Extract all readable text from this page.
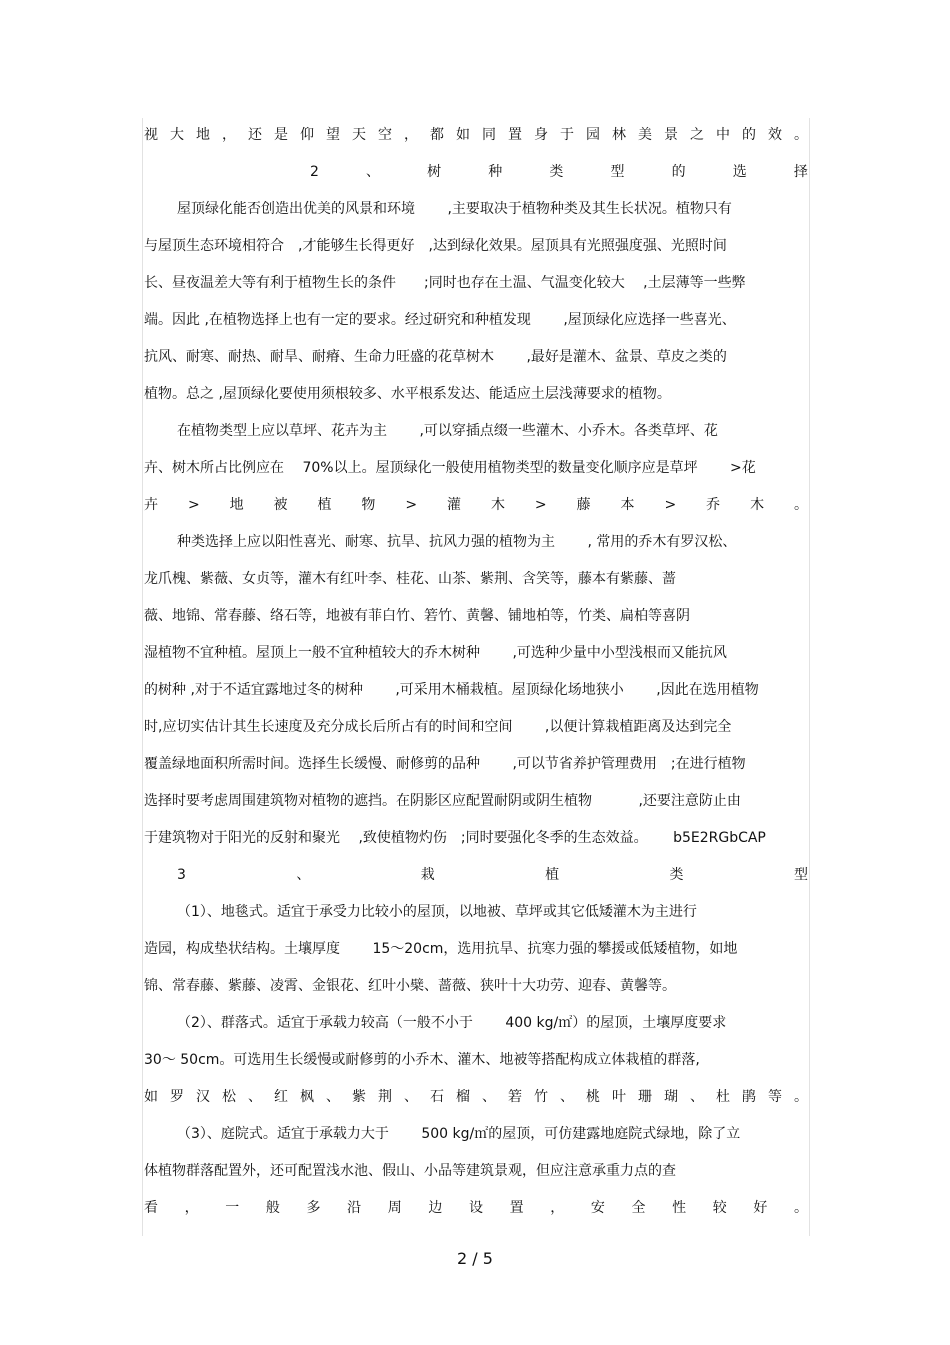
视 大 地 ， 还 是 仰 望 天 空 ， 都 如 同 置 身 于 园 林 美 景 之 中 的 效 。
2	、	树	种	类	型	的	选	择
屋顶绿化能否创造出优美的风景和环境　　 ,主要取决于植物种类及其生长状况。植物只有
与屋顶生态环境相符合　,才能够生长得更好　,达到绿化效果。屋顶具有光照强度强、光照时间
长、昼夜温差大等有利于植物生长的条件　　;同时也存在土温、气温变化较大　 ,土层薄等一些弊
端。因此 ,在植物选择上也有一定的要求。经过研究和种植发现　　 ,屋顶绿化应选择一些喜光、
抗风、耐寒、耐热、耐旱、耐瘠、生命力旺盛的花草树木　　 ,最好是灌木、盆景、草皮之类的
植物。总之 ,屋顶绿化要使用须根较多、水平根系发达、能适应土层浅薄要求的植物。
在植物类型上应以草坪、花卉为主　　 ,可以穿插点缀一些灌木、小乔木。各类草坪、花
卉、树木所占比例应在　 70%以上。屋顶绿化一般使用植物类型的数量变化顺序应是草坪　　 >花
卉 > 地 被 植 物 > 灌 木 > 藤 本 > 乔 木 。
种类选择上应以阳性喜光、耐寒、抗旱、抗风力强的植物为主　　 , 常用的乔木有罗汉松、
龙爪槐、紫薇、女贞等，灌木有红叶李、桂花、山茶、紫荆、含笑等，藤本有紫藤、蔷
薇、地锦、常春藤、络石等，地被有菲白竹、箬竹、黄馨、铺地柏等，竹类、扁柏等喜阴
湿植物不宜种植。屋顶上一般不宜种植较大的乔木树种　　 ,可选种少量中小型浅根而又能抗风
的树种 ,对于不适宜露地过冬的树种　　 ,可采用木桶栽植。屋顶绿化场地狭小　　 ,因此在选用植物
时,应切实估计其生长速度及充分成长后所占有的时间和空间　　 ,以便计算栽植距离及达到完全
覆盖绿地面积所需时间。选择生长缓慢、耐修剪的品种　　 ,可以节省养护管理费用　;在进行植物
选择时要考虑周围建筑物对植物的遮挡。在阴影区应配置耐阴或阴生植物　　　 ,还要注意防止由
于建筑物对于阳光的反射和聚光　 ,致使植物灼伤　;同时要强化冬季的生态效益。　　 b5E2RGbCAP
3	、	栽	植	类	型
（1）、地毯式。适宜于承受力比较小的屋顶，以地被、草坪或其它低矮灌木为主进行
造园，构成垫状结构。土壤厚度　　 15～20cm，选用抗旱、抗寒力强的攀援或低矮植物，如地
锦、常春藤、紫藤、凌霄、金银花、红叶小檗、蔷薇、狭叶十大功劳、迎春、黄馨等。
（2）、群落式。适宜于承载力较高（一般不小于　　 400 kg/㎡）的屋顶，土壤厚度要求
30～ 50cm。可选用生长缓慢或耐修剪的小乔木、灌木、地被等搭配构成立体栽植的群落,
如 罗 汉 松 、 红 枫 、 紫 荆 、 石 榴 、 箬 竹 、 桃 叶 珊 瑚 、 杜 鹃 等 。
（3）、庭院式。适宜于承载力大于　　 500 kg/㎡的屋顶，可仿建露地庭院式绿地，除了立
体植物群落配置外，还可配置浅水池、假山、小品等建筑景观，但应注意承重力点的查
看 ， 一 般 多 沿 周 边 设 置 ， 安 全 性 较 好 。
2 / 5
